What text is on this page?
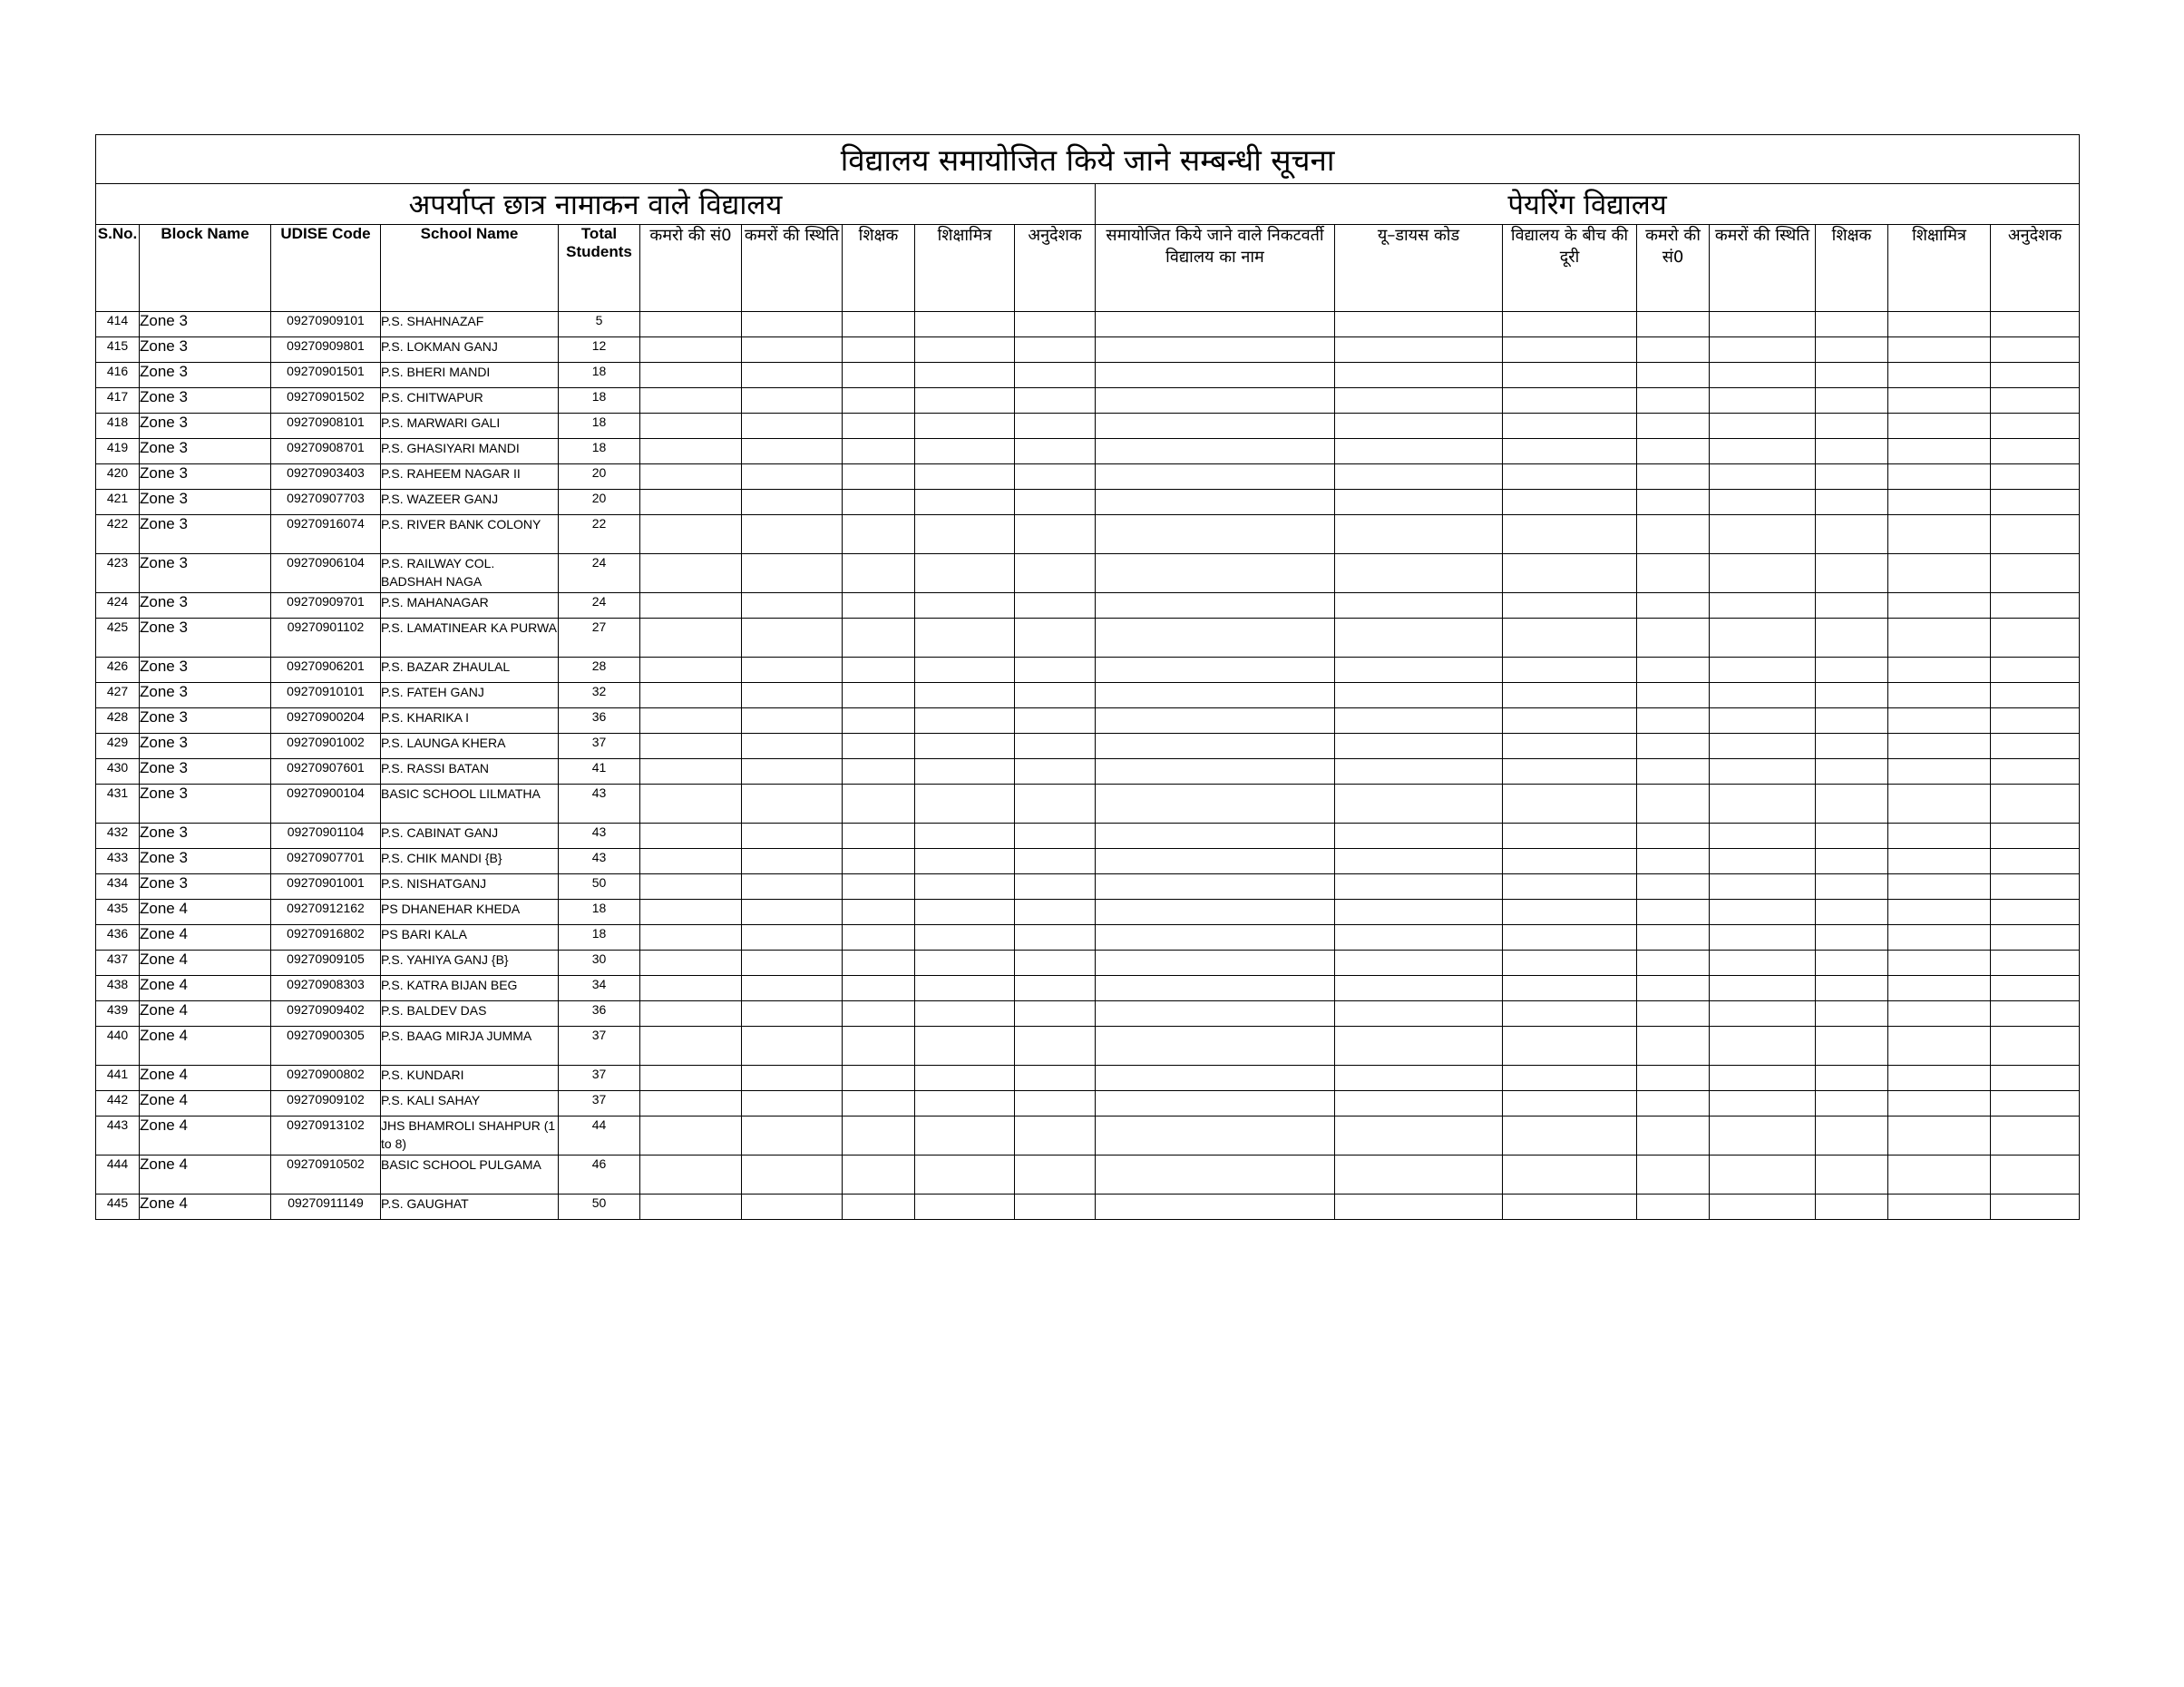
विद्यालय समायोजित किये जाने सम्बन्धी सूचना																	
अपर्याप्त छात्र नामाकन वाले विद्यालय										पेयरिंग विद्यालय							
S.No.	Block Name	UDISE Code	School Name	Total Students	कमरो की सं0	कमरों की स्थिति	शिक्षक	शिक्षामित्र	अनुदेशक	समायोजित किये जाने वाले निकटवर्ती विद्यालय का नाम	यू–डायस कोड	विद्यालय के बीच की दूरी	कमरो की सं0	कमरों की स्थिति	शिक्षक	शिक्षामित्र	अनुदेशक
414	Zone 3	09270909101	P.S. SHAHNAZAF	5													
415	Zone 3	09270909801	P.S. LOKMAN GANJ	12													
416	Zone 3	09270901501	P.S. BHERI MANDI	18													
417	Zone 3	09270901502	P.S. CHITWAPUR	18													
418	Zone 3	09270908101	P.S. MARWARI GALI	18													
419	Zone 3	09270908701	P.S. GHASIYARI MANDI	18													
420	Zone 3	09270903403	P.S. RAHEEM NAGAR II	20													
421	Zone 3	09270907703	P.S. WAZEER GANJ	20													
422	Zone 3	09270916074	P.S. RIVER BANK COLONY	22													
423	Zone 3	09270906104	P.S. RAILWAY COL. BADSHAH NAGA	24													
424	Zone 3	09270909701	P.S. MAHANAGAR	24													
425	Zone 3	09270901102	P.S. LAMATINEAR KA PURWA	27													
426	Zone 3	09270906201	P.S. BAZAR ZHAULAL	28													
427	Zone 3	09270910101	P.S. FATEH GANJ	32													
428	Zone 3	09270900204	P.S. KHARIKA I	36													
429	Zone 3	09270901002	P.S. LAUNGA KHERA	37													
430	Zone 3	09270907601	P.S. RASSI BATAN	41													
431	Zone 3	09270900104	BASIC SCHOOL LILMATHA	43													
432	Zone 3	09270901104	P.S. CABINAT GANJ	43													
433	Zone 3	09270907701	P.S. CHIK MANDI {B}	43													
434	Zone 3	09270901001	P.S. NISHATGANJ	50													
435	Zone 4	09270912162	PS DHANEHAR KHEDA	18													
436	Zone 4	09270916802	PS BARI KALA	18													
437	Zone 4	09270909105	P.S. YAHIYA GANJ {B}	30													
438	Zone 4	09270908303	P.S. KATRA BIJAN BEG	34													
439	Zone 4	09270909402	P.S. BALDEV DAS	36													
440	Zone 4	09270900305	P.S. BAAG MIRJA JUMMA	37													
441	Zone 4	09270900802	P.S. KUNDARI	37													
442	Zone 4	09270909102	P.S. KALI SAHAY	37													
443	Zone 4	09270913102	JHS BHAMROLI SHAHPUR (1 to 8)	44													
444	Zone 4	09270910502	BASIC SCHOOL PULGAMA	46													
445	Zone 4	09270911149	P.S. GAUGHAT	50													
